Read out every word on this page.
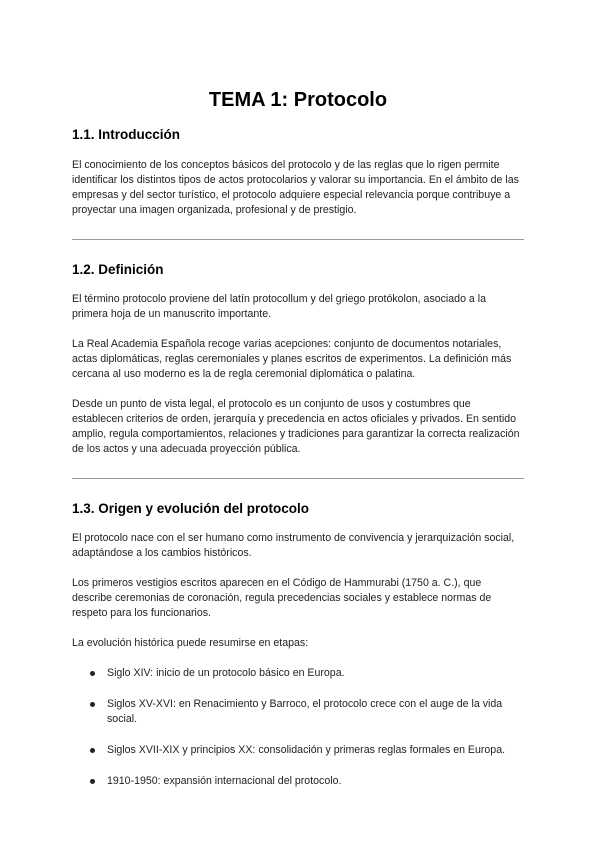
TEMA 1: Protocolo
1.1. Introducción

El conocimiento de los conceptos básicos del protocolo y de las reglas que lo rigen permite identificar los distintos tipos de actos protocolarios y valorar su importancia. En el ámbito de las empresas y del sector turístico, el protocolo adquiere especial relevancia porque contribuye a proyectar una imagen organizada, profesional y de prestigio.

1.2. Definición

El término protocolo proviene del latín protocollum y del griego protókolon, asociado a la primera hoja de un manuscrito importante.

La Real Academia Española recoge varias acepciones: conjunto de documentos notariales, actas diplomáticas, reglas ceremoniales y planes escritos de experimentos. La definición más cercana al uso moderno es la de regla ceremonial diplomática o palatina.

Desde un punto de vista legal, el protocolo es un conjunto de usos y costumbres que establecen criterios de orden, jerarquía y precedencia en actos oficiales y privados. En sentido amplio, regula comportamientos, relaciones y tradiciones para garantizar la correcta realización de los actos y una adecuada proyección pública.

1.3. Origen y evolución del protocolo

El protocolo nace con el ser humano como instrumento de convivencia y jerarquización social, adaptándose a los cambios históricos.

Los primeros vestigios escritos aparecen en el Código de Hammurabi (1750 a. C.), que describe ceremonias de coronación, regula precedencias sociales y establece normas de respeto para los funcionarios.

La evolución histórica puede resumirse en etapas:

Siglo XIV: inicio de un protocolo básico en Europa.
Siglos XV-XVI: en Renacimiento y Barroco, el protocolo crece con el auge de la vida social.
Siglos XVII-XIX y principios XX: consolidación y primeras reglas formales en Europa.
1910-1950: expansión internacional del protocolo.
